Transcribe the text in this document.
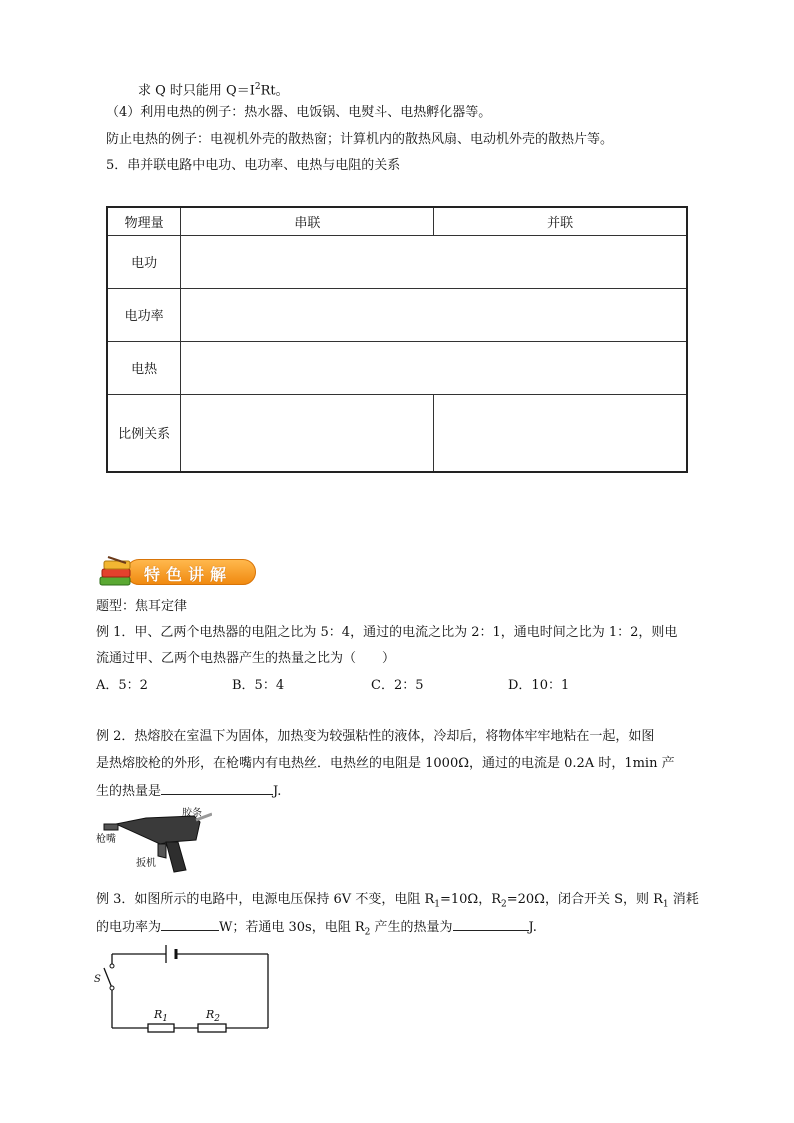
求 Q 时只能用 $Q=I^2Rt$。
（4）利用电热的例子：热水器、电饭锅、电熨斗、电热孵化器等。
防止电热的例子：电视机外壳的散热窗；计算机内的散热风扇、电动机外壳的散热片等。
5．串并联电路中电功、电功率、电热与电阻的关系
物理量	串联	并联
电功		
电功率		
电热		
比例关系		
特色讲解
题型：焦耳定律
例 1．甲、乙两个电热器的电阻之比为 5：4，通过的电流之比为 2：1，通电时间之比为 1：2，则电
流通过甲、乙两个电热器产生的热量之比为（　　）
A．5：2	B．5：4	C．2：5	D．10：1
例 2．热熔胶在室温下为固体，加热变为较强粘性的液体，冷却后，将物体牢牢地粘在一起，如图
是热熔胶枪的外形，在枪嘴内有电热丝．电热丝的电阻是 1000Ω，通过的电流是 0.2A 时，1min 产
生的热量是	J.
枪嘴
胶条
扳机
例 3．如图所示的电路中，电源电压保持 6V 不变，电阻 $R_1=10\Omega$，$R_2=20\Omega$，闭合开关 S，则 $R_1$ 消耗
的电功率为	W；若通电 30s，电阻 $R_2$ 产生的热量为	J.
S
$R_1$	$R_2$
